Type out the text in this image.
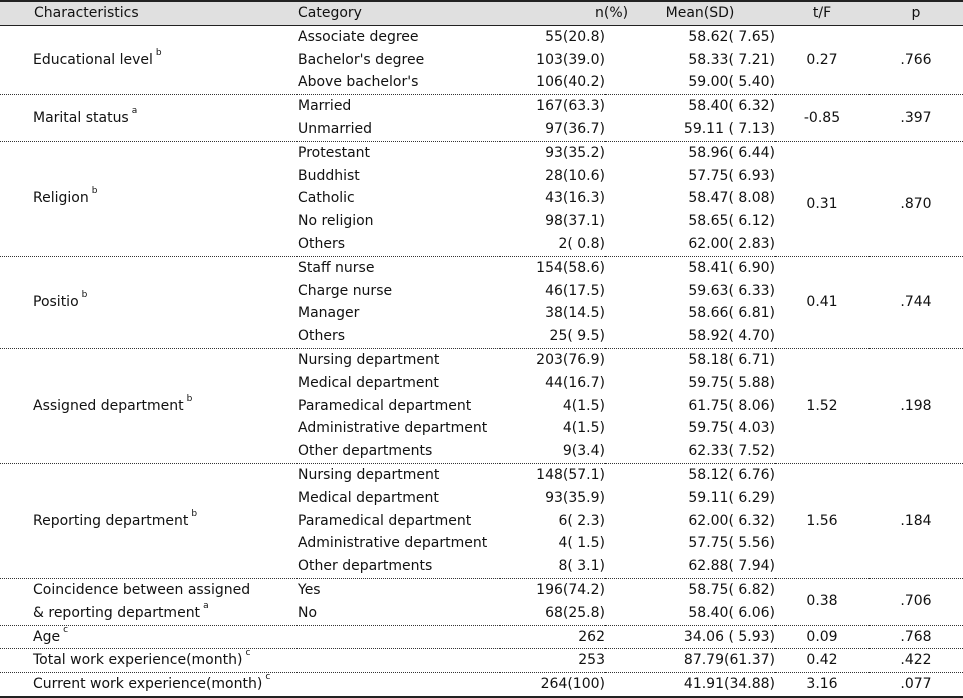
Characteristics	Category	n(%)	Mean(SD)	t/F	p
Educational level $^b$	Associate degree	55(20.8)	58.62( 7.65)	0.27	.766
	Bachelor's degree	103(39.0)	58.33( 7.21)		
	Above bachelor's	106(40.2)	59.00( 5.40)		
Marital status $^a$	Married	167(63.3)	58.40( 6.32)	-0.85	.397
	Unmarried	97(36.7)	59.11 ( 7.13)		
Religion $^b$	Protestant	93(35.2)	58.96( 6.44)	0.31	.870

	Buddhist	28(10.6)	57.75( 6.93)		
	Catholic	43(16.3)	58.47( 8.08)		
	No religion	98(37.1)	58.65( 6.12)		
	Others	2( 0.8)	62.00( 2.83)		
Positio $^b$	Staff nurse	154(58.6)	58.41( 6.90)	0.41	.744
	Charge nurse	46(17.5)	59.63( 6.33)		
	Manager	38(14.5)	58.66( 6.81)		
	Others	25( 9.5)	58.92( 4.70)		
Assigned department $^b$	Nursing department	203(76.9)	58.18( 6.71)	1.52	.198
	Medical department	44(16.7)	59.75( 5.88)		
	Paramedical department	4(1.5)	61.75( 8.06)		
	Administrative department	4(1.5)	59.75( 4.03)		
	Other departments	9(3.4)	62.33( 7.52)		
Reporting department $^b$	Nursing department	148(57.1)	58.12( 6.76)	1.56	.184
	Medical department	93(35.9)	59.11( 6.29)		
	Paramedical department	6( 2.3)	62.00( 6.32)		
	Administrative department	4( 1.5)	57.75( 5.56)		
	Other departments	8( 3.1)	62.88( 7.94)		

Coincidence between assigned
& reporting department $^a$	Yes	196(74.2)	58.75( 6.82)	0.38	.706
	No	68(25.8)	58.40( 6.06)		
Age $^c$		262	34.06 ( 5.93)	0.09	.768
Total work experience(month) $^c$		253	87.79(61.37)	0.42	.422
Current work experience(month) $^c$		264(100)	41.91(34.88)	3.16	.077
